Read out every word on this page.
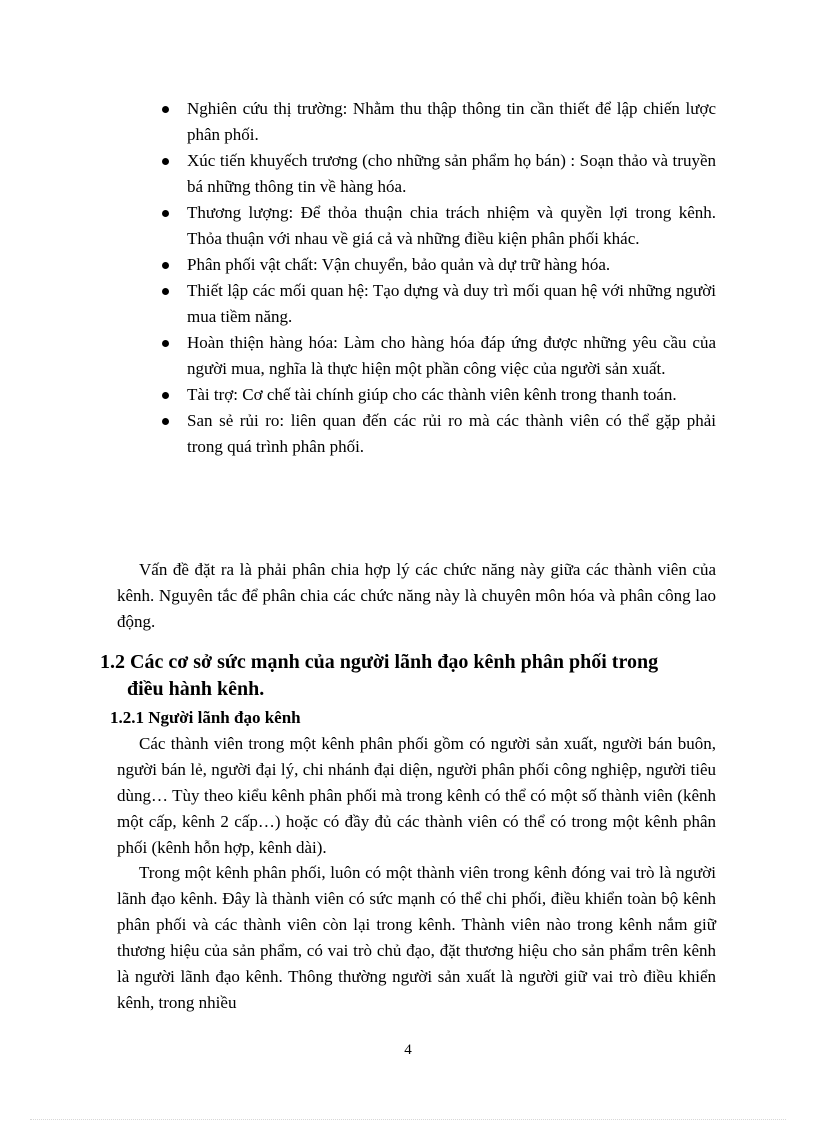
Nghiên cứu thị trường: Nhằm thu thập thông tin cần thiết để lập chiến lược phân phối.
Xúc tiến khuyếch trương (cho những sản phẩm họ bán) : Soạn thảo và truyền bá những thông tin về hàng hóa.
Thương lượng: Để thỏa thuận chia trách nhiệm và quyền lợi trong kênh. Thỏa thuận với nhau về giá cả và những điều kiện phân phối khác.
Phân phối vật chất: Vận chuyển, bảo quản và dự trữ hàng hóa.
Thiết lập các mối quan hệ: Tạo dựng và duy trì mối quan hệ với những người mua tiềm năng.
Hoàn thiện hàng hóa: Làm cho hàng hóa đáp ứng được những yêu cầu của người mua, nghĩa là thực hiện một phần công việc của người sản xuất.
Tài trợ: Cơ chế tài chính giúp cho các thành viên kênh trong thanh toán.
San sẻ rủi ro: liên quan đến các rủi ro mà các thành viên có thể gặp phải trong quá trình phân phối.

Vấn đề đặt ra là phải phân chia hợp lý các chức năng này giữa các thành viên của kênh. Nguyên tắc để phân chia các chức năng này là chuyên môn hóa và phân công lao động.

1.2 Các cơ sở sức mạnh của người lãnh đạo kênh phân phối trong
điều hành kênh.
1.2.1 Người lãnh đạo kênh

Các thành viên trong một kênh phân phối gồm có người sản xuất, người bán buôn, người bán lẻ, người đại lý, chi nhánh đại diện, người phân phối công nghiệp, người tiêu dùng… Tùy theo kiểu kênh phân phối mà trong kênh có thể có một số thành viên (kênh một cấp, kênh 2 cấp…) hoặc có đầy đủ các thành viên có thể có trong một kênh phân phối (kênh hỗn hợp, kênh dài).

Trong một kênh phân phối, luôn có một thành viên trong kênh đóng vai trò là người lãnh đạo kênh. Đây là thành viên có sức mạnh có thể chi phối, điều khiển toàn bộ kênh phân phối và các thành viên còn lại trong kênh. Thành viên nào trong kênh nắm giữ thương hiệu của sản phẩm, có vai trò chủ đạo, đặt thương hiệu cho sản phẩm trên kênh là người lãnh đạo kênh. Thông thường người sản xuất là người giữ vai trò điều khiển kênh, trong nhiều

4
